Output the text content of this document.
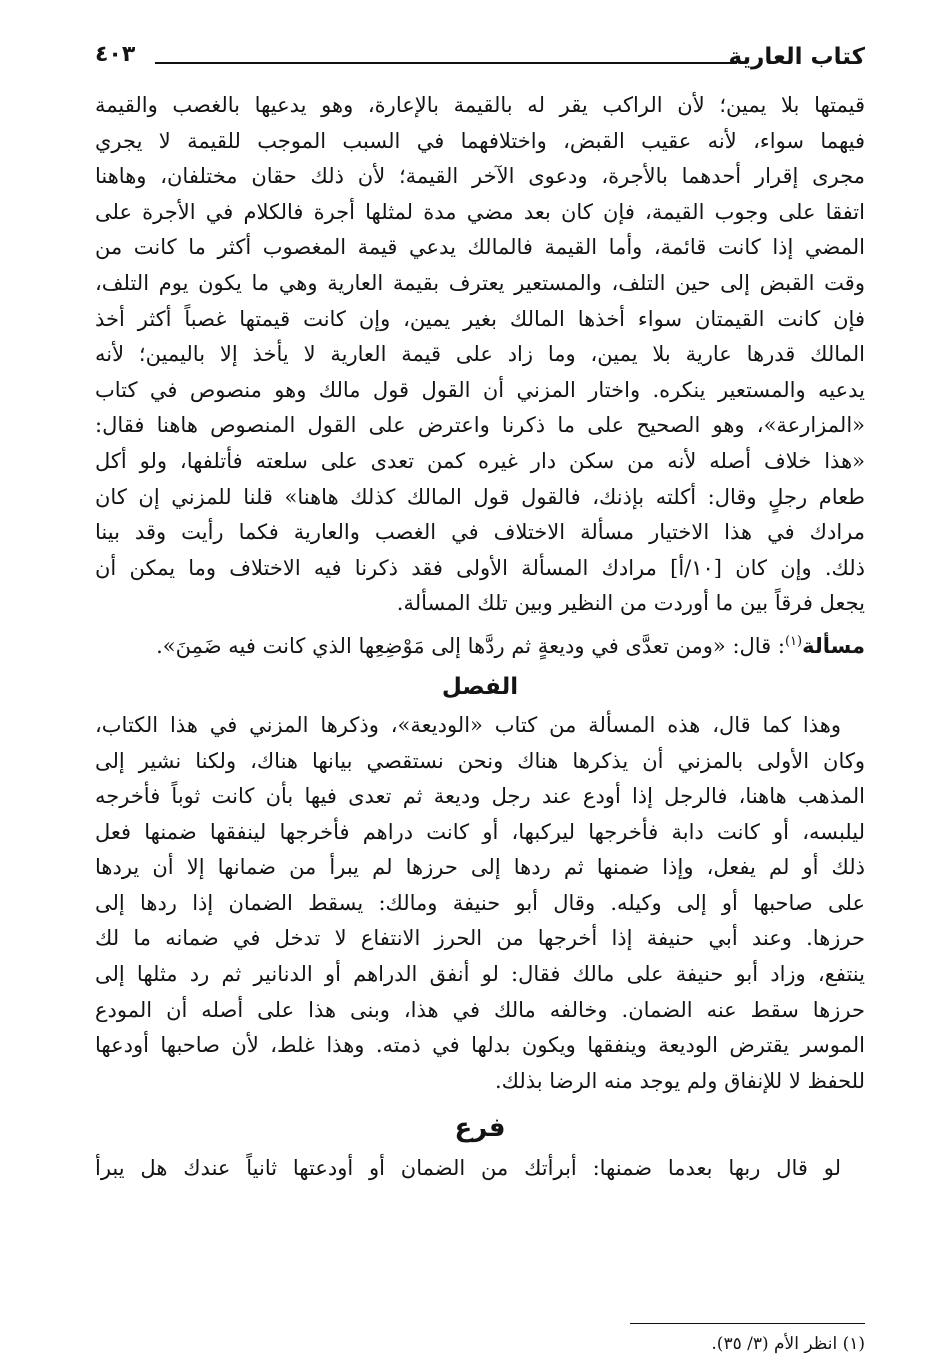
كتاب العارية
٤٠٣

قيمتها بلا يمين؛ لأن الراكب يقر له بالقيمة بالإعارة، وهو يدعيها بالغصب والقيمة

فيهما سواء، لأنه عقيب القبض، واختلافهما في السبب الموجب للقيمة لا يجري

مجرى إقرار أحدهما بالأجرة، ودعوى الآخر القيمة؛ لأن ذلك حقان مختلفان، وهاهنا

اتفقا على وجوب القيمة، فإن كان بعد مضي مدة لمثلها أجرة فالكلام في الأجرة على

المضي إذا كانت قائمة، وأما القيمة فالمالك يدعي قيمة المغصوب أكثر ما كانت من

وقت القبض إلى حين التلف، والمستعير يعترف بقيمة العارية وهي ما يكون يوم التلف،

فإن كانت القيمتان سواء أخذها المالك بغير يمين، وإن كانت قيمتها غصباً أكثر أخذ

المالك قدرها عارية بلا يمين، وما زاد على قيمة العارية لا يأخذ إلا باليمين؛ لأنه

يدعيه والمستعير ينكره. واختار المزني أن القول قول مالك وهو منصوص في كتاب

«المزارعة»، وهو الصحيح على ما ذكرنا واعترض على القول المنصوص هاهنا فقال:

«هذا خلاف أصله لأنه من سكن دار غيره كمن تعدى على سلعته فأتلفها، ولو أكل

طعام رجلٍ وقال: أكلته بإذنك، فالقول قول المالك كذلك هاهنا» قلنا للمزني إن كان

مرادك في هذا الاختيار مسألة الاختلاف في الغصب والعارية فكما رأيت وقد بينا

ذلك. وإن كان [١٠/أ] مرادك المسألة الأولى فقد ذكرنا فيه الاختلاف وما يمكن أن

يجعل فرقاً بين ما أوردت من النظير وبين تلك المسألة.

مسألة$^{(١)}$: قال: «ومن تعدَّى في وديعةٍ ثم ردَّها إلى مَوْضِعِها الذي كانت فيه ضَمِنَ».

الفصل

وهذا كما قال، هذه المسألة من كتاب «الوديعة»، وذكرها المزني في هذا الكتاب،

وكان الأولى بالمزني أن يذكرها هناك ونحن نستقصي بيانها هناك، ولكنا نشير إلى

المذهب هاهنا، فالرجل إذا أودع عند رجل وديعة ثم تعدى فيها بأن كانت ثوباً فأخرجه

ليلبسه، أو كانت دابة فأخرجها ليركبها، أو كانت دراهم فأخرجها لينفقها ضمنها فعل

ذلك أو لم يفعل، وإذا ضمنها ثم ردها إلى حرزها لم يبرأ من ضمانها إلا أن يردها

على صاحبها أو إلى وكيله. وقال أبو حنيفة ومالك: يسقط الضمان إذا ردها إلى

حرزها. وعند أبي حنيفة إذا أخرجها من الحرز الانتفاع لا تدخل في ضمانه ما لك

ينتفع، وزاد أبو حنيفة على مالك فقال: لو أنفق الدراهم أو الدنانير ثم رد مثلها إلى

حرزها سقط عنه الضمان. وخالفه مالك في هذا، وبنى هذا على أصله أن المودع

الموسر يقترض الوديعة وينفقها ويكون بدلها في ذمته. وهذا غلط، لأن صاحبها أودعها

للحفظ لا للإنفاق ولم يوجد منه الرضا بذلك.

فرع

لو قال ربها بعدما ضمنها: أبرأتك من الضمان أو أودعتها ثانياً عندك هل يبرأ

(١) انظر الأم (٣/ ٣٥).
